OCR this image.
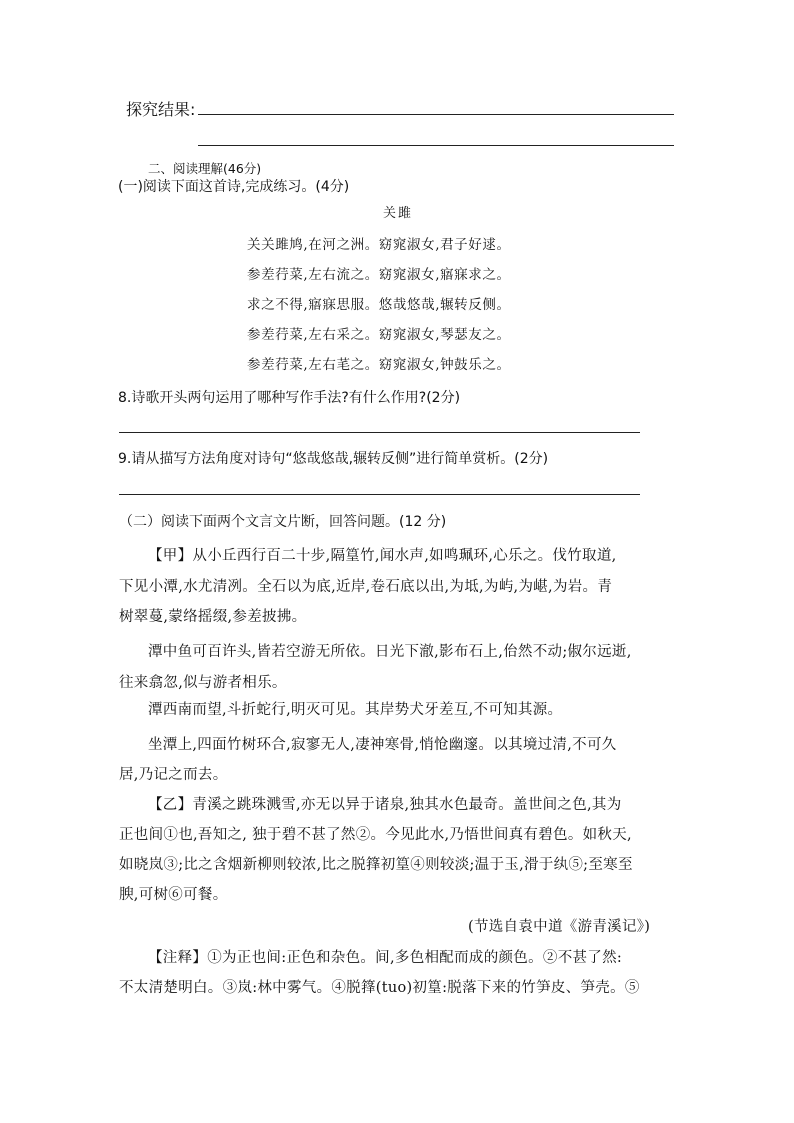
探究结果:
二、阅读理解(46分)
(一)阅读下面这首诗,完成练习。(4分)
关雎
关关雎鸠,在河之洲。窈窕淑女,君子好逑。
参差荇菜,左右流之。窈窕淑女,寤寐求之。
求之不得,寤寐思服。悠哉悠哉,辗转反侧。
参差荇菜,左右采之。窈窕淑女,琴瑟友之。
参差荇菜,左右芼之。窈窕淑女,钟鼓乐之。
8.诗歌开头两句运用了哪种写作手法?有什么作用?(2分)
9.请从描写方法角度对诗句“悠哉悠哉,辗转反侧”进行简单赏析。(2分)
（二）阅读下面两个文言文片断，回答问题。(12 分)
【甲】从小丘西行百二十步,隔篁竹,闻水声,如鸣珮环,心乐之。伐竹取道,
下见小潭,水尤清冽。全石以为底,近岸,卷石底以出,为坻,为屿,为嵁,为岩。青
树翠蔓,蒙络摇缀,参差披拂。
潭中鱼可百许头,皆若空游无所依。日光下澈,影布石上,佁然不动;俶尔远逝,
往来翕忽,似与游者相乐。
潭西南而望,斗折蛇行,明灭可见。其岸势犬牙差互,不可知其源。
坐潭上,四面竹树环合,寂寥无人,凄神寒骨,悄怆幽邃。以其境过清,不可久
居,乃记之而去。
【乙】青溪之跳珠溅雪,亦无以异于诸泉,独其水色最奇。盖世间之色,其为
正也间①也,吾知之, 独于碧不甚了然②。今见此水,乃悟世间真有碧色。如秋天,
如晓岚③;比之含烟新柳则较浓,比之脱箨初篁④则较淡;温于玉,滑于纨⑤;至寒至
腴,可树⑥可餐。
(节选自袁中道《游青溪记》)
【注释】①为正也间:正色和杂色。间,多色相配而成的颜色。②不甚了然:
不太清楚明白。③岚:林中雾气。④脱箨(tuo)初篁:脱落下来的竹笋皮、笋壳。⑤
